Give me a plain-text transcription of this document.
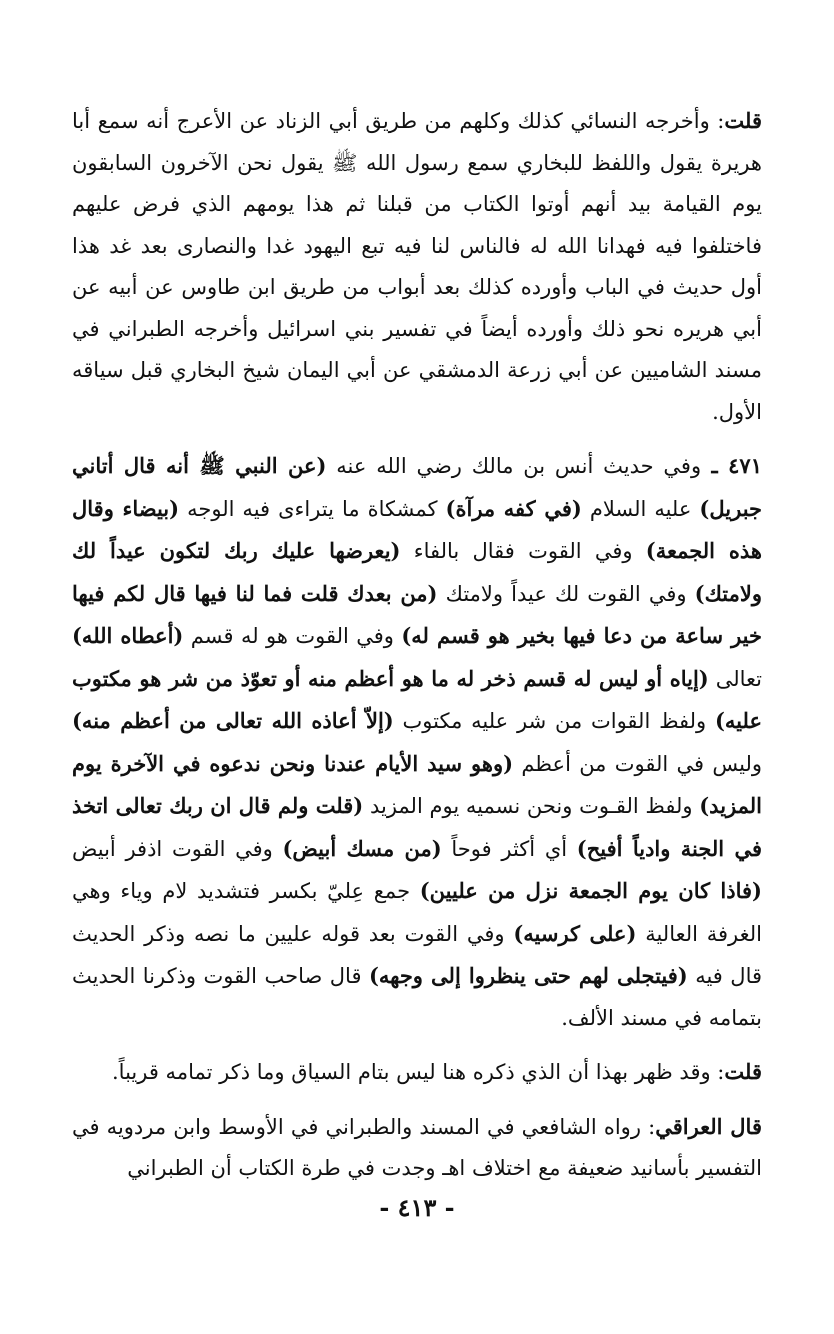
قلت: وأخرجه النسائي كذلك وكلهم من طريق أبي الزناد عن الأعرج أنه سمع أبا هريرة يقول واللفظ للبخاري سمع رسول الله ﷺ يقول نحن الآخرون السابقون يوم القيامة بيد أنهم أوتوا الكتاب من قبلنا ثم هذا يومهم الذي فرض عليهم فاختلفوا فيه فهدانا الله له فالناس لنا فيه تبع اليهود غدا والنصارى بعد غد هذا أول حديث في الباب وأورده كذلك بعد أبواب من طريق ابن طاوس عن أبيه عن أبي هريره نحو ذلك وأورده أيضاً في تفسير بني اسرائيل وأخرجه الطبراني في مسند الشاميين عن أبي زرعة الدمشقي عن أبي اليمان شيخ البخاري قبل سياقه الأول.

٤٧١ ـ وفي حديث أنس بن مالك رضي الله عنه (عن النبي ﷺ أنه قال أتاني جبريل) عليه السلام (في كفه مرآة) كمشكاة ما يتراءى فيه الوجه (بيضاء وقال هذه الجمعة) وفي القوت فقال بالفاء (يعرضها عليك ربك لتكون عيداً لك ولامتك) وفي القوت لك عيداً ولامتك (من بعدك قلت فما لنا فيها قال لكم فيها خير ساعة من دعا فيها بخير هو قسم له) وفي القوت هو له قسم (أعطاه الله) تعالى (إياه أو ليس له قسم ذخر له ما هو أعظم منه أو تعوّذ من شر هو مكتوب عليه) ولفظ القوات من شر عليه مكتوب (إلاّ أعاذه الله تعالى من أعظم منه) وليس في القوت من أعظم (وهو سيد الأيام عندنا ونحن ندعوه في الآخرة يوم المزيد) ولفظ القـوت ونحن نسميه يوم المزيد (قلت ولم قال ان ربك تعالى اتخذ في الجنة وادياً أفيح) أي أكثر فوحاً (من مسك أبيض) وفي القوت اذفر أبيض (فاذا كان يوم الجمعة نزل من عليين) جمع عِليّ بكسر فتشديد لام وياء وهي الغرفة العالية (على كرسيه) وفي القوت بعد قوله عليين ما نصه وذكر الحديث قال فيه (فيتجلى لهم حتى ينظروا إلى وجهه) قال صاحب القوت وذكرنا الحديث بتمامه في مسند الألف.

قلت: وقد ظهر بهذا أن الذي ذكره هنا ليس بتام السياق وما ذكر تمامه قريباً.

قال العراقي: رواه الشافعي في المسند والطبراني في الأوسط وابن مردويه في التفسير بأسانيد ضعيفة مع اختلاف اهـ وجدت في طرة الكتاب أن الطبراني

- ٤١٣ -
